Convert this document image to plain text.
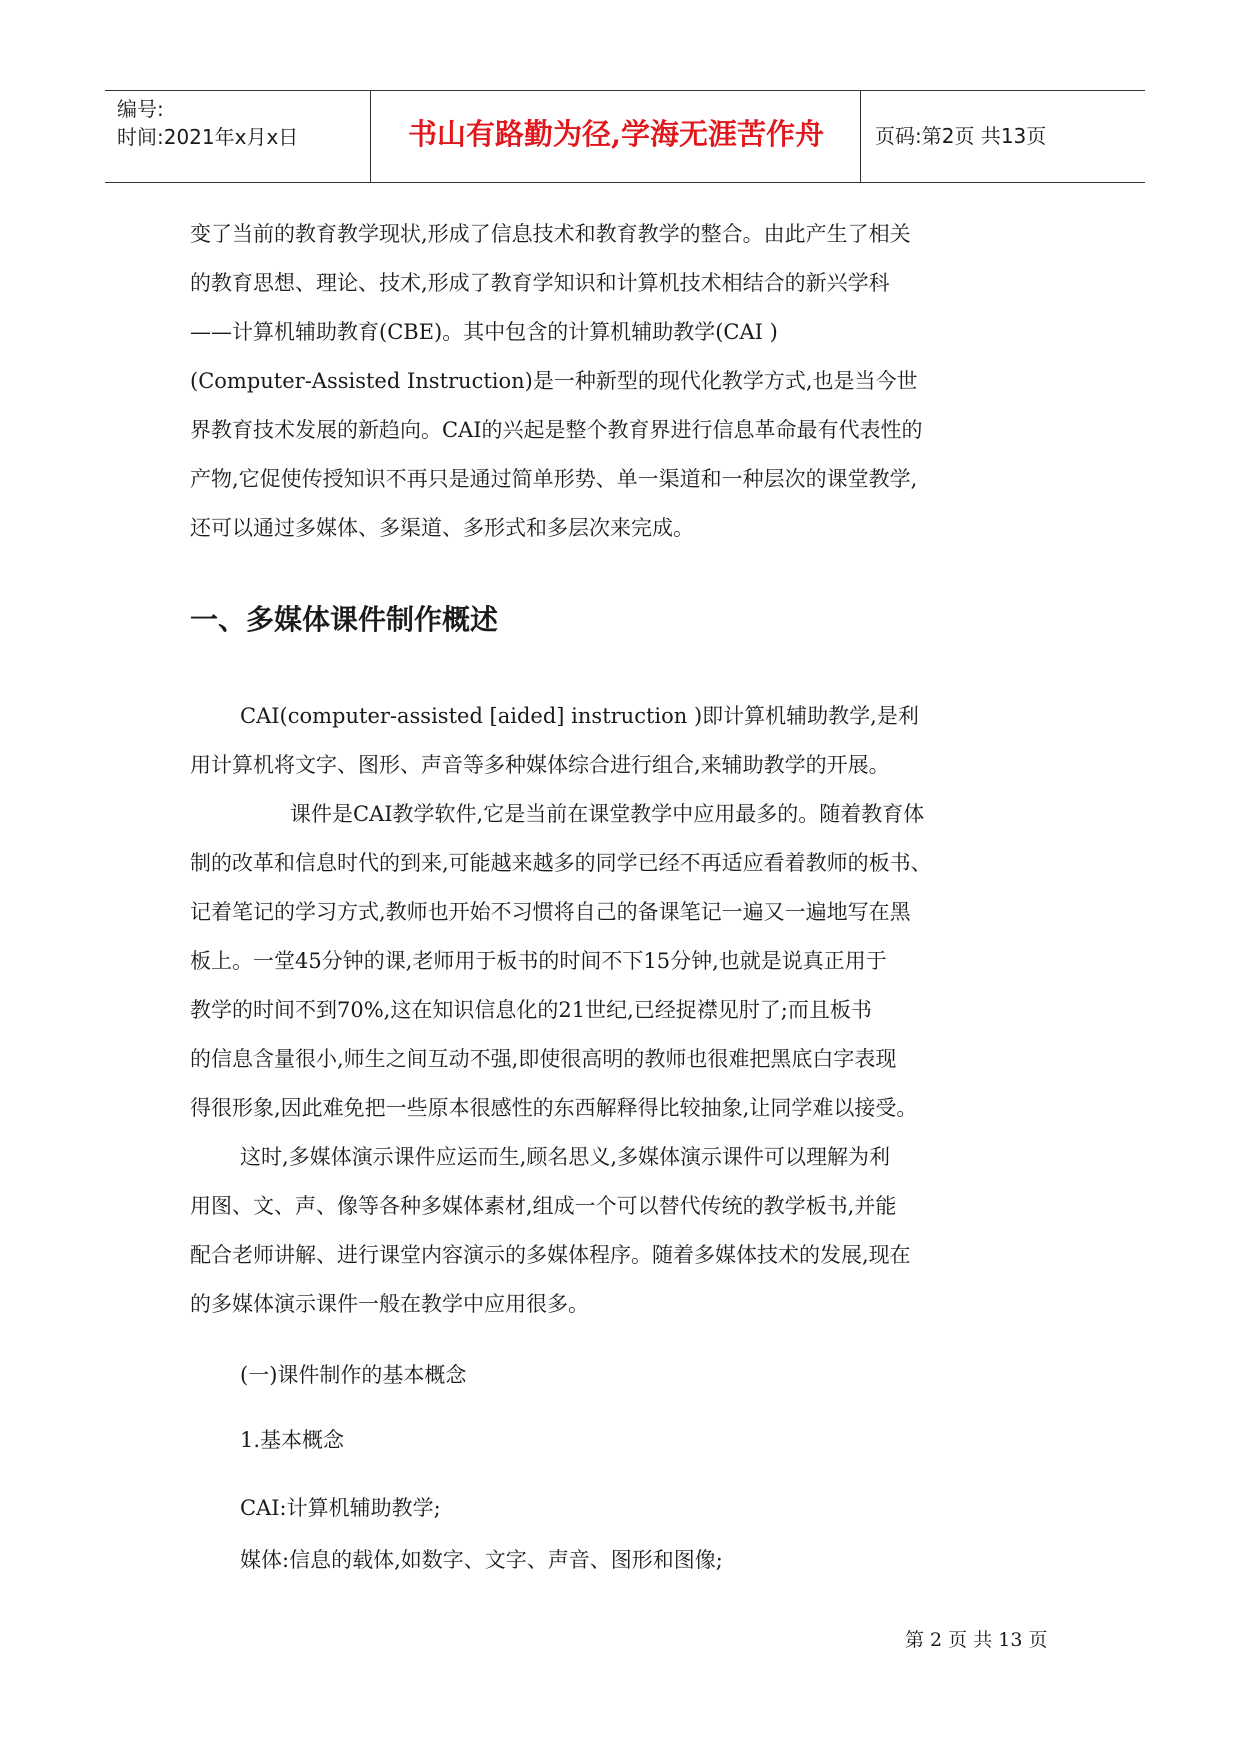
编号:
时间:2021年x月x日	书山有路勤为径,学海无涯苦作舟	页码:第2页 共13页

变了当前的教育教学现状,形成了信息技术和教育教学的整合。由此产生了相关

的教育思想、理论、技术,形成了教育学知识和计算机技术相结合的新兴学科

——计算机辅助教育(CBE)。其中包含的计算机辅助教学(CAI )

(Computer-Assisted Instruction)是一种新型的现代化教学方式,也是当今世

界教育技术发展的新趋向。CAI的兴起是整个教育界进行信息革命最有代表性的

产物,它促使传授知识不再只是通过简单形势、单一渠道和一种层次的课堂教学,

还可以通过多媒体、多渠道、多形式和多层次来完成。

一、多媒体课件制作概述

CAI(computer-assisted [aided] instruction )即计算机辅助教学,是利

用计算机将文字、图形、声音等多种媒体综合进行组合,来辅助教学的开展。

课件是CAI教学软件,它是当前在课堂教学中应用最多的。随着教育体

制的改革和信息时代的到来,可能越来越多的同学已经不再适应看着教师的板书、

记着笔记的学习方式,教师也开始不习惯将自己的备课笔记一遍又一遍地写在黑

板上。一堂45分钟的课,老师用于板书的时间不下15分钟,也就是说真正用于

教学的时间不到70%,这在知识信息化的21世纪,已经捉襟见肘了;而且板书

的信息含量很小,师生之间互动不强,即使很高明的教师也很难把黑底白字表现

得很形象,因此难免把一些原本很感性的东西解释得比较抽象,让同学难以接受。

这时,多媒体演示课件应运而生,顾名思义,多媒体演示课件可以理解为利

用图、文、声、像等各种多媒体素材,组成一个可以替代传统的教学板书,并能

配合老师讲解、进行课堂内容演示的多媒体程序。随着多媒体技术的发展,现在

的多媒体演示课件一般在教学中应用很多。

(一)课件制作的基本概念

1.基本概念

CAI:计算机辅助教学;

媒体:信息的载体,如数字、文字、声音、图形和图像;

第 2 页 共 13 页
